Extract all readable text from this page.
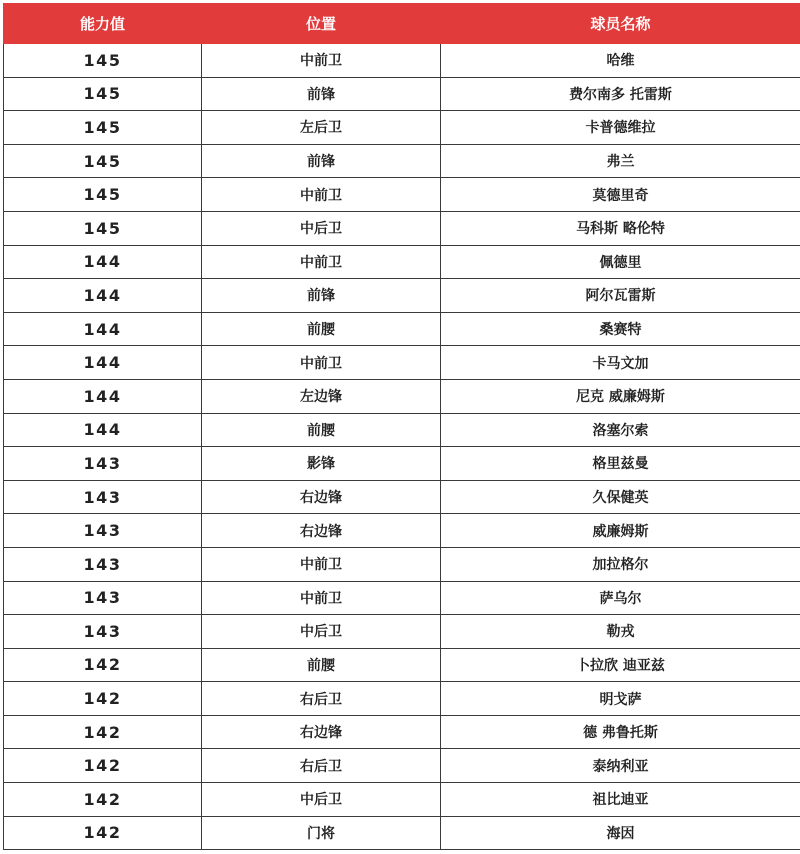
能力值	位置	球员名称
145	中前卫	哈维
145	前锋	费尔南多 托雷斯
145	左后卫	卡普德维拉
145	前锋	弗兰
145	中前卫	莫德里奇
145	中后卫	马科斯 略伦特
144	中前卫	佩德里
144	前锋	阿尔瓦雷斯
144	前腰	桑赛特
144	中前卫	卡马文加
144	左边锋	尼克 威廉姆斯
144	前腰	洛塞尔索
143	影锋	格里兹曼
143	右边锋	久保健英
143	右边锋	威廉姆斯
143	中前卫	加拉格尔
143	中前卫	萨乌尔
143	中后卫	勒戎
142	前腰	卜拉欣 迪亚兹
142	右后卫	明戈萨
142	右边锋	德 弗鲁托斯
142	右后卫	泰纳利亚
142	中后卫	祖比迪亚
142	门将	海因
